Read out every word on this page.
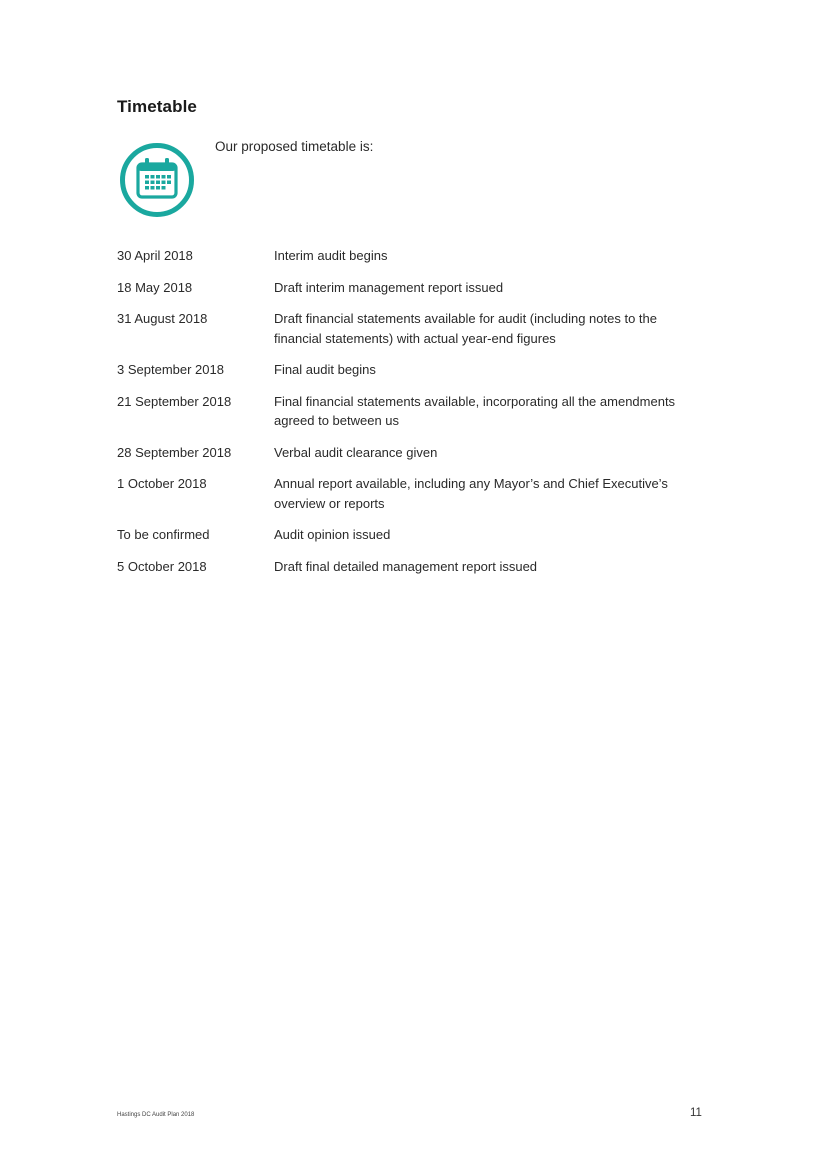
Timetable
Our proposed timetable is:
30 April 2018	Interim audit begins
18 May 2018	Draft interim management report issued
31 August 2018	Draft financial statements available for audit (including notes to the financial statements) with actual year-end figures
3 September 2018	Final audit begins
21 September 2018	Final financial statements available, incorporating all the amendments agreed to between us
28 September 2018	Verbal audit clearance given
1 October 2018	Annual report available, including any Mayor’s and Chief Executive’s overview or reports
To be confirmed	Audit opinion issued
5 October 2018	Draft final detailed management report issued
Hastings DC Audit Plan 2018	11
